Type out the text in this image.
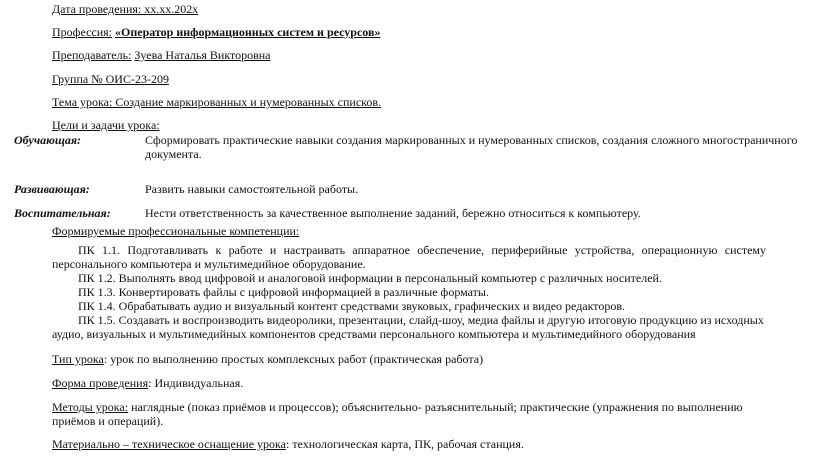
Дата проведения: хх.хх.202х
Профессия: «Оператор информационных систем и ресурсов»
Преподаватель: Зуева Наталья Викторовна
Группа № ОИС-23-209
Тема урока: Создание маркированных и нумерованных списков.
Цели и задачи урока:
Обучающая:	Сформировать практические навыки создания маркированных и нумерованных списков, создания сложного многостраничного
документа.
Развивающая:	Развить навыки самостоятельной работы.
Воспитательная:	Нести ответственность за качественное выполнение заданий, бережно относиться к компьютеру.
Формируемые профессиональные компетенции:
ПК 1.1. Подготавливать к работе и настраивать аппаратное обеспечение, периферийные устройства, операционную систему
персонального компьютера и мультимедийное оборудование.
ПК 1.2. Выполнять ввод цифровой и аналоговой информации в персональный компьютер с различных носителей.
ПК 1.3. Конвертировать файлы с цифровой информацией в различные форматы.
ПК 1.4. Обрабатывать аудио и визуальный контент средствами звуковых, графических и видео редакторов.
ПК 1.5. Создавать и воспроизводить видеоролики, презентации, слайд-шоу, медиа файлы и другую итоговую продукцию из исходных
аудио, визуальных и мультимедийных компонентов средствами персонального компьютера и мультимедийного оборудования
Тип урока: урок по выполнению простых комплексных работ (практическая работа)
Форма проведения: Индивидуальная.
Методы урока: наглядные (показ приёмов и процессов); объяснительно- разъяснительный; практические (упражнения по выполнению
приёмов и операций).
Материально – техническое оснащение урока: технологическая карта, ПК, рабочая станция.
